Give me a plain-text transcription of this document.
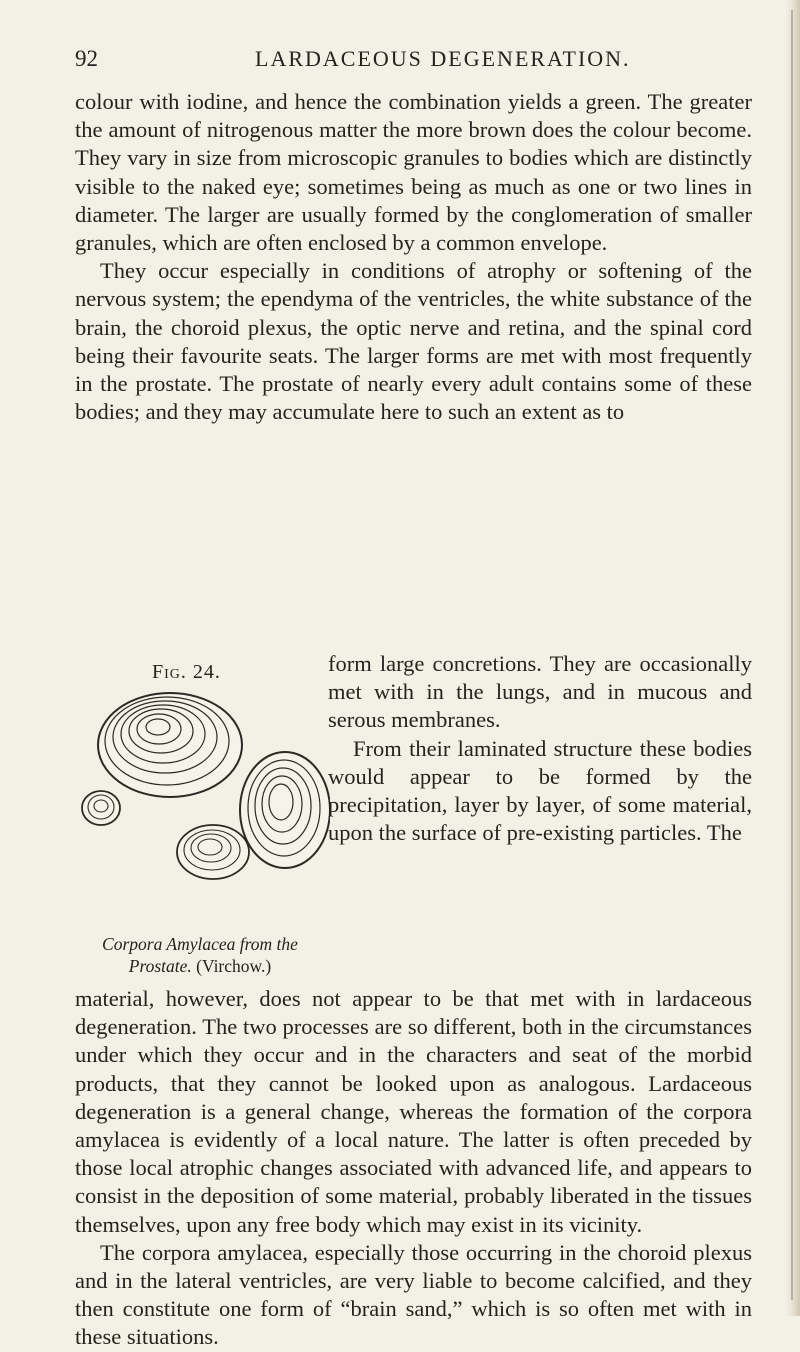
92	LARDACEOUS DEGENERATION.

colour with iodine, and hence the combination yields a green. The greater the amount of nitrogenous matter the more brown does the colour become. They vary in size from microscopic granules to bodies which are distinctly visible to the naked eye; sometimes being as much as one or two lines in diameter. The larger are usually formed by the conglomeration of smaller granules, which are often enclosed by a common envelope.

They occur especially in conditions of atrophy or softening of the nervous system; the ependyma of the ventricles, the white substance of the brain, the choroid plexus, the optic nerve and retina, and the spinal cord being their favourite seats. The larger forms are met with most frequently in the prostate. The prostate of nearly every adult contains some of these bodies; and they may accumulate here to such an extent as to

Fig. 24.
Corpora Amylacea from the Prostate. (Virchow.)

form large concretions. They are occasionally met with in the lungs, and in mucous and serous membranes.

From their laminated structure these bodies would appear to be formed by the precipitation, layer by layer, of some material, upon the surface of pre-existing particles. The

material, however, does not appear to be that met with in lardaceous degeneration. The two processes are so different, both in the circumstances under which they occur and in the characters and seat of the morbid products, that they cannot be looked upon as analogous. Lardaceous degeneration is a general change, whereas the formation of the corpora amylacea is evidently of a local nature. The latter is often preceded by those local atrophic changes associated with advanced life, and appears to consist in the deposition of some material, probably liberated in the tissues themselves, upon any free body which may exist in its vicinity.

The corpora amylacea, especially those occurring in the choroid plexus and in the lateral ventricles, are very liable to become calcified, and they then constitute one form of “brain sand,” which is so often met with in these situations.
